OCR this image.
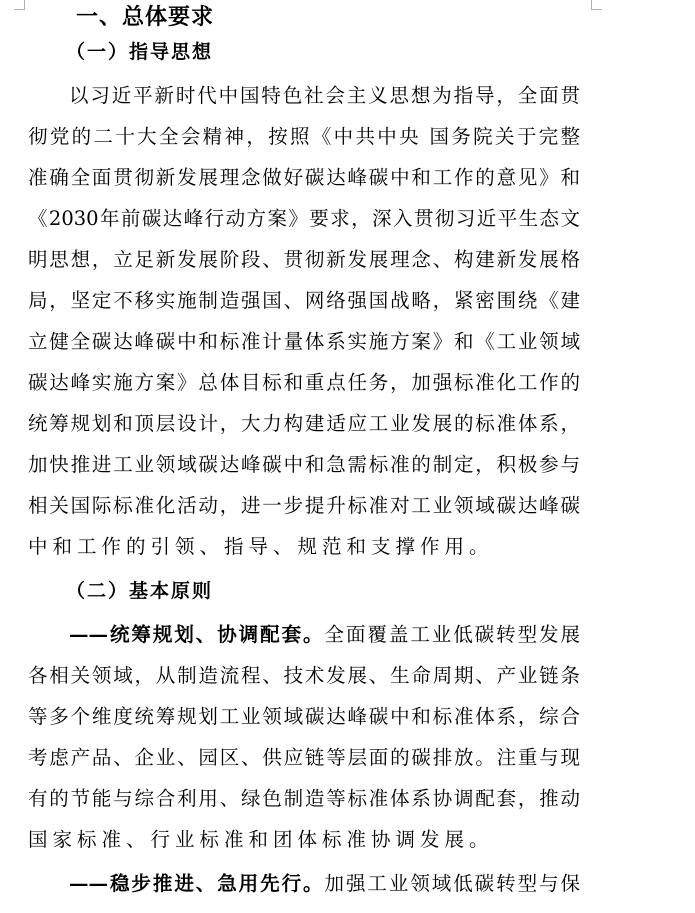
一、总体要求
（一）指导思想
以习近平新时代中国特色社会主义思想为指导，全面贯
彻党的二十大全会精神，按照《中共中央 国务院关于完整
准确全面贯彻新发展理念做好碳达峰碳中和工作的意见》和
《2030年前碳达峰行动方案》要求，深入贯彻习近平生态文
明思想，立足新发展阶段、贯彻新发展理念、构建新发展格
局，坚定不移实施制造强国、网络强国战略，紧密围绕《建
立健全碳达峰碳中和标准计量体系实施方案》和《工业领域
碳达峰实施方案》总体目标和重点任务，加强标准化工作的
统筹规划和顶层设计，大力构建适应工业发展的标准体系，
加快推进工业领域碳达峰碳中和急需标准的制定，积极参与
相关国际标准化活动，进一步提升标准对工业领域碳达峰碳
中和工作的引领、指导、规范和支撑作用。
（二）基本原则
——统筹规划、协调配套。全面覆盖工业低碳转型发展
各相关领域，从制造流程、技术发展、生命周期、产业链条
等多个维度统筹规划工业领域碳达峰碳中和标准体系，综合
考虑产品、企业、园区、供应链等层面的碳排放。注重与现
有的节能与综合利用、绿色制造等标准体系协调配套，推动
国家标准、行业标准和团体标准协调发展。
——稳步推进、急用先行。加强工业领域低碳转型与保
